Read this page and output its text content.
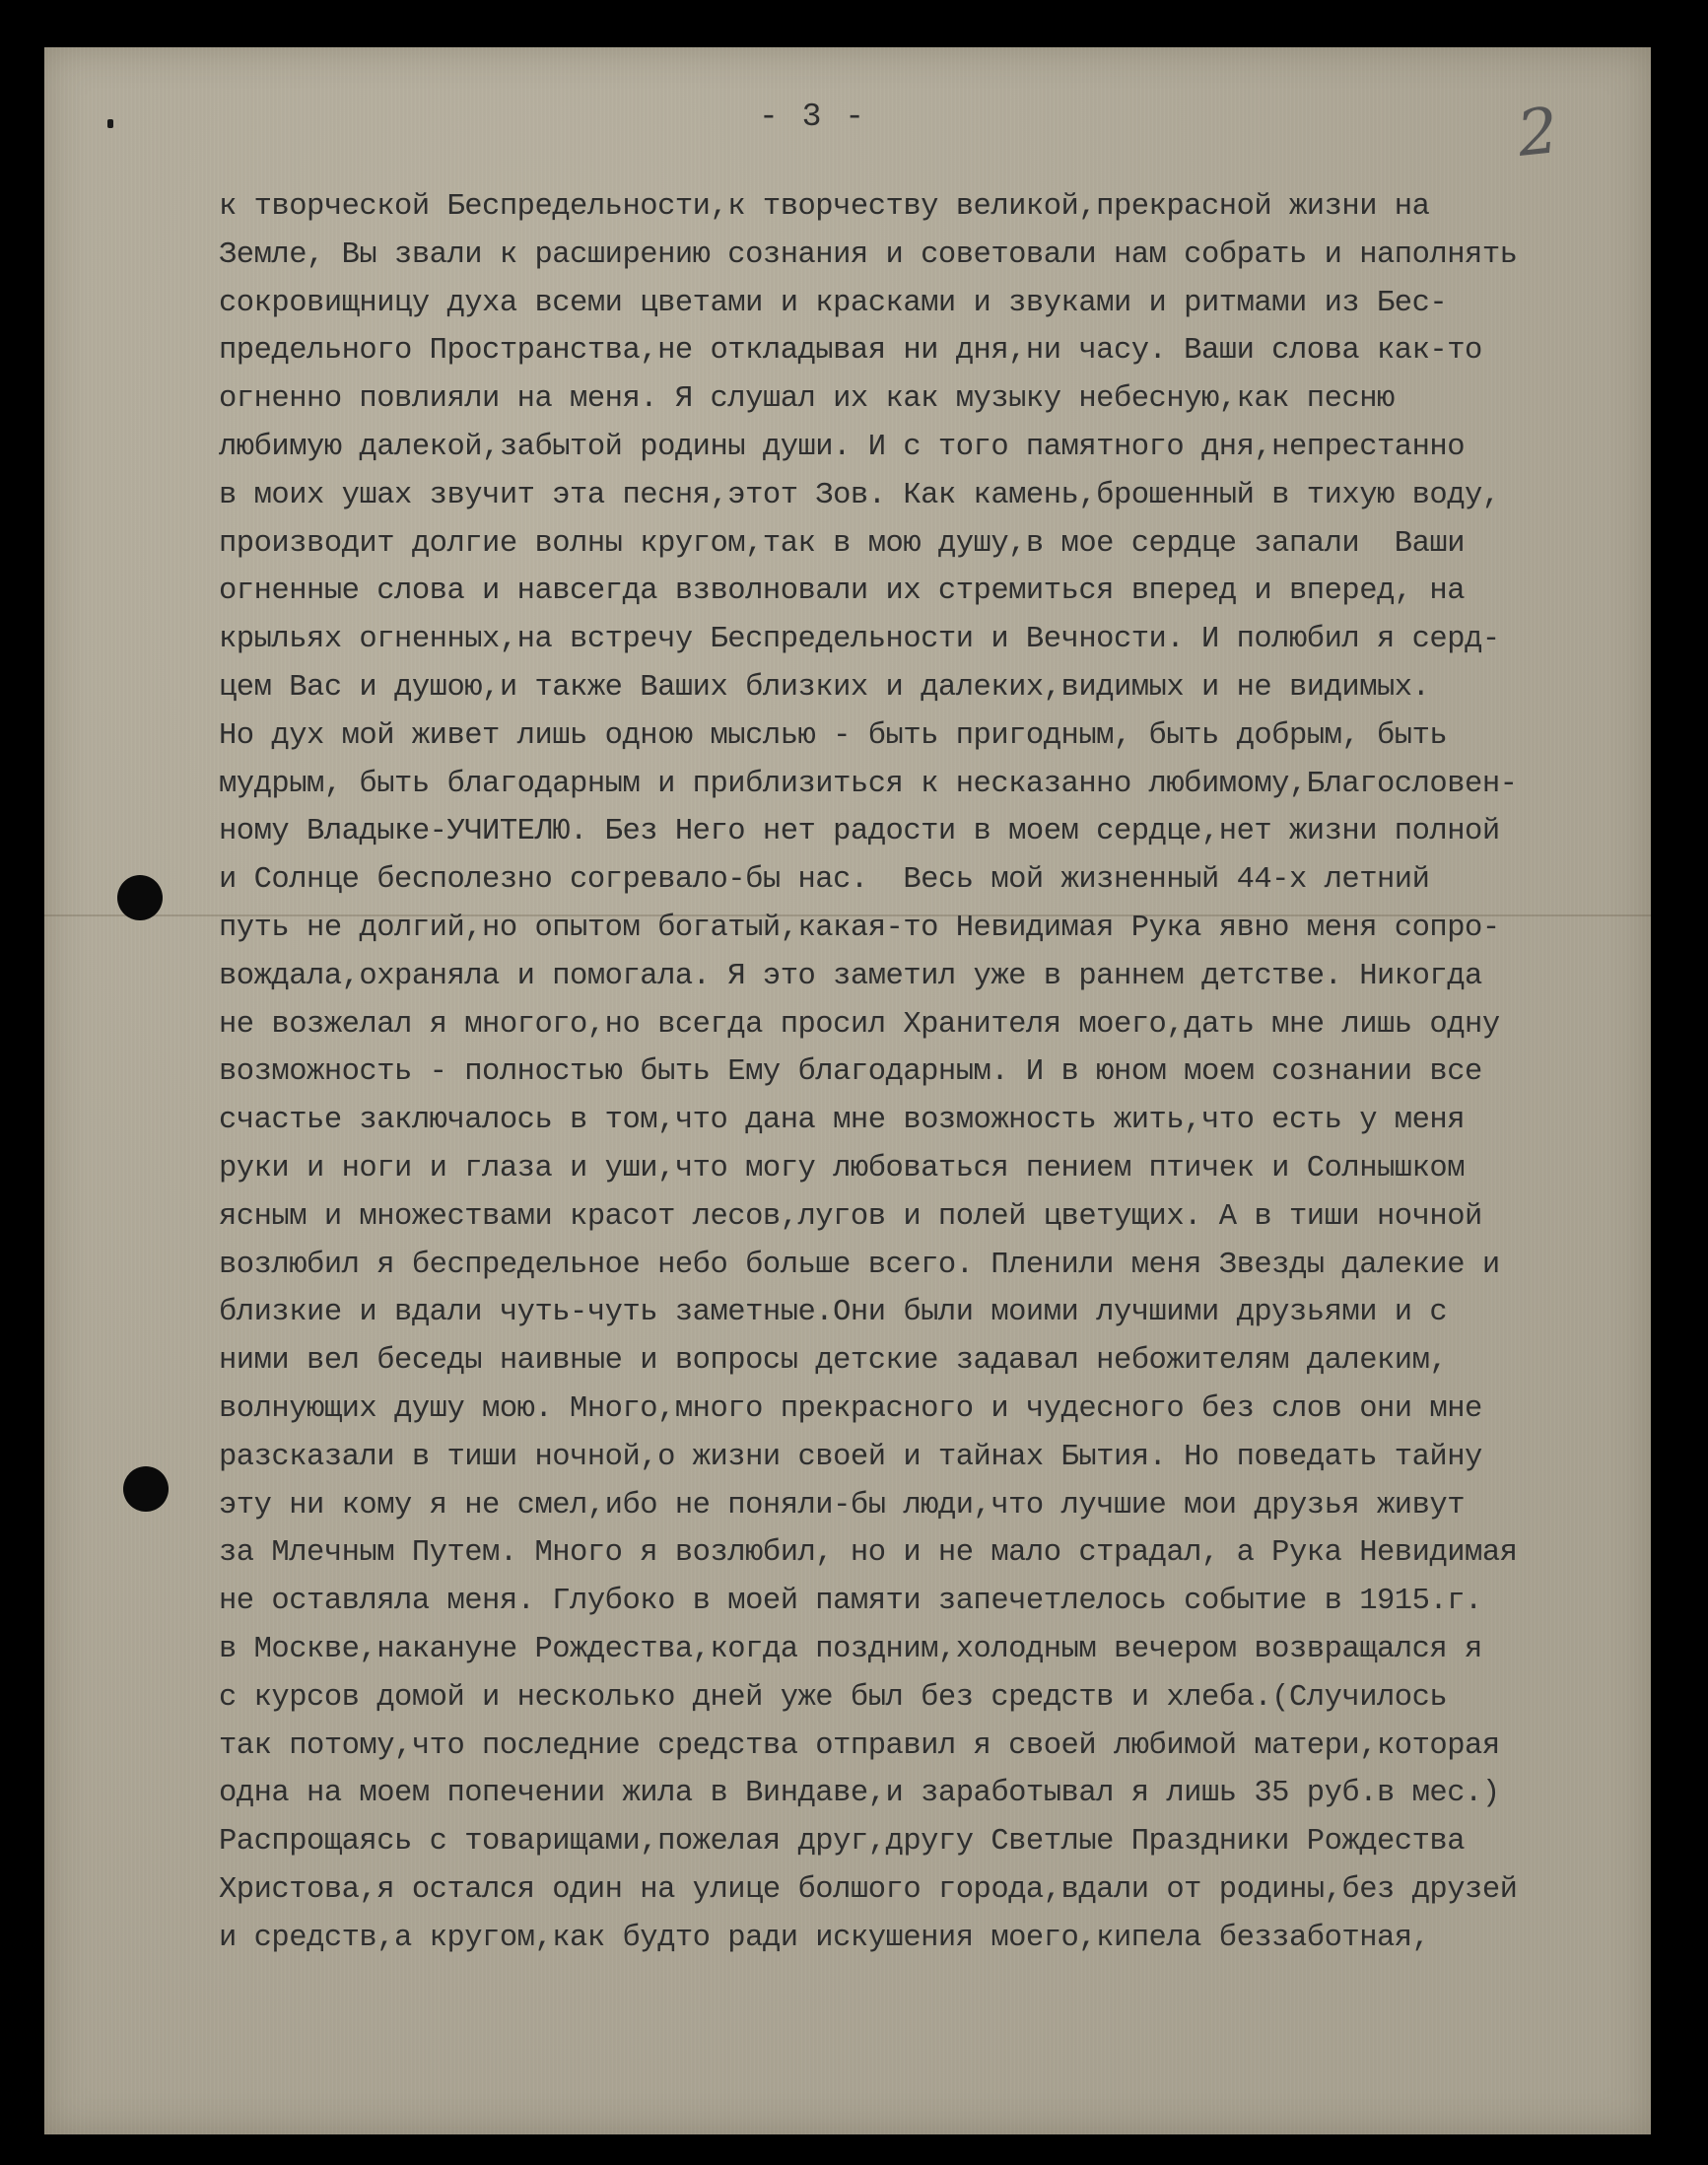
- 3 -	2
к творческой Беспредельности,к творчеству великой,прекрасной жизни на
Земле, Вы звали к расширению сознания и советовали нам собрать и наполнять
сокровищницу духа всеми цветами и красками и звуками и ритмами из Бес-
предельного Пространства,не откладывая ни дня,ни часу. Ваши слова как-то
огненно повлияли на меня. Я слушал их как музыку небесную,как песню
любимую далекой,забытой родины души. И с того памятного дня,непрестанно
в моих ушах звучит эта песня,этот Зов. Как камень,брошенный в тихую воду,
производит долгие волны кругом,так в мою душу,в мое сердце запали  Ваши
огненные слова и навсегда взволновали их стремиться вперед и вперед, на
крыльях огненных,на встречу Беспредельности и Вечности. И полюбил я серд-
цем Вас и душою,и также Ваших близких и далеких,видимых и не видимых.
Но дух мой живет лишь одною мыслью - быть пригодным, быть добрым, быть
мудрым, быть благодарным и приблизиться к несказанно любимому,Благословен-
ному Владыке-УЧИТЕЛЮ. Без Него нет радости в моем сердце,нет жизни полной
и Солнце бесполезно согревало-бы нас.  Весь мой жизненный 44-х летний
путь не долгий,но опытом богатый,какая-то Невидимая Рука явно меня сопро-
вождала,охраняла и помогала. Я это заметил уже в раннем детстве. Никогда
не возжелал я многого,но всегда просил Хранителя моего,дать мне лишь одну
возможность - полностью быть Ему благодарным. И в юном моем сознании все
счастье заключалось в том,что дана мне возможность жить,что есть у меня
руки и ноги и глаза и уши,что могу любоваться пением птичек и Солнышком
ясным и множествами красот лесов,лугов и полей цветущих. А в тиши ночной
возлюбил я беспредельное небо больше всего. Пленили меня Звезды далекие и
близкие и вдали чуть-чуть заметные.Они были моими лучшими друзьями и с
ними вел беседы наивные и вопросы детские задавал небожителям далеким,
волнующих душу мою. Много,много прекрасного и чудесного без слов они мне
разсказали в тиши ночной,о жизни своей и тайнах Бытия. Но поведать тайну
эту ни кому я не смел,ибо не поняли-бы люди,что лучшие мои друзья живут
за Млечным Путем. Много я возлюбил, но и не мало страдал, а Рука Невидимая
не оставляла меня. Глубоко в моей памяти запечетлелось событие в 1915.г.
в Москве,накануне Рождества,когда поздним,холодным вечером возвращался я
с курсов домой и несколько дней уже был без средств и хлеба.(Случилось
так потому,что последние средства отправил я своей любимой матери,которая
одна на моем попечении жила в Виндаве,и заработывал я лишь 35 руб.в мес.)
Распрощаясь с товарищами,пожелая друг,другу Светлые Праздники Рождества
Христова,я остался один на улице болшого города,вдали от родины,без друзей
и средств,а кругом,как будто ради искушения моего,кипела беззаботная,
